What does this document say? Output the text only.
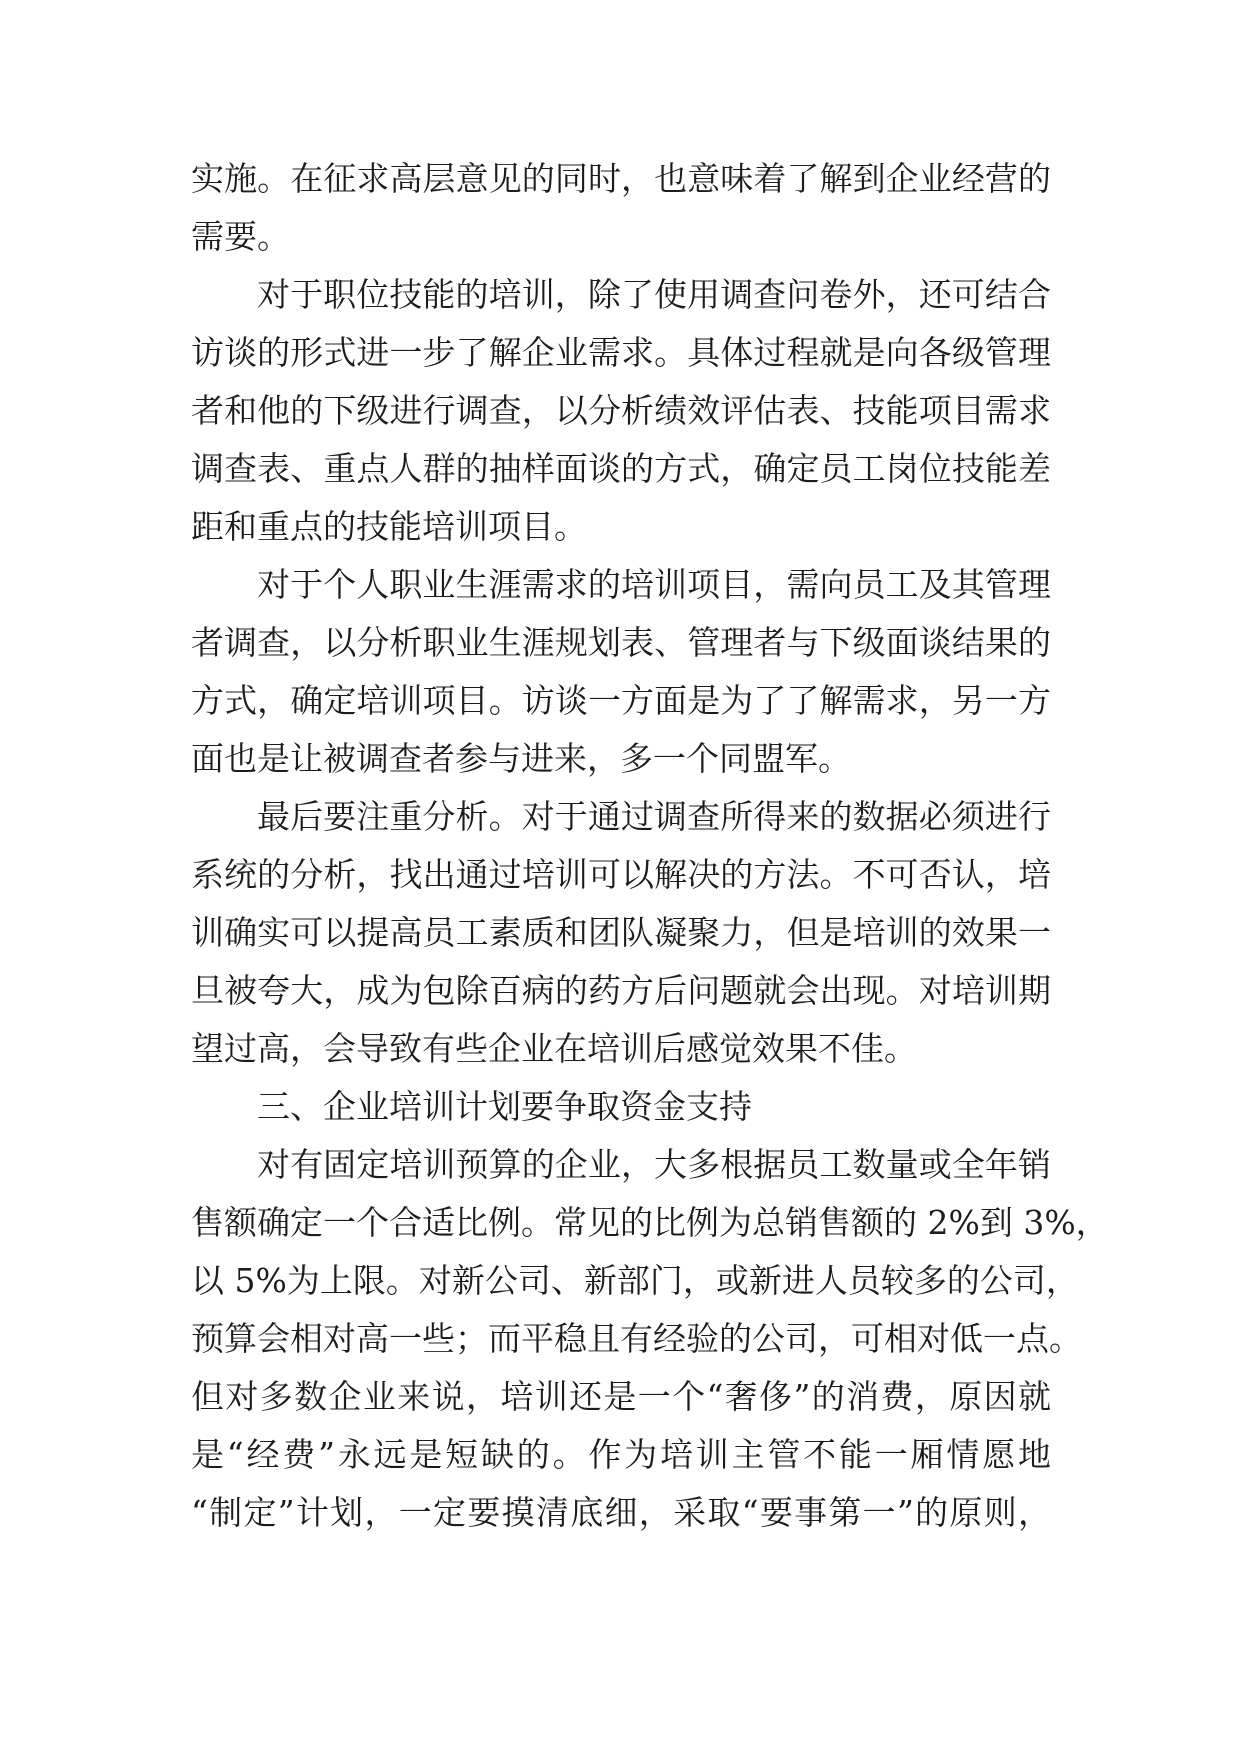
实施。在征求高层意见的同时，也意味着了解到企业经营的
需要。
对于职位技能的培训，除了使用调查问卷外，还可结合
访谈的形式进一步了解企业需求。具体过程就是向各级管理
者和他的下级进行调查，以分析绩效评估表、技能项目需求
调查表、重点人群的抽样面谈的方式，确定员工岗位技能差
距和重点的技能培训项目。
对于个人职业生涯需求的培训项目，需向员工及其管理
者调查，以分析职业生涯规划表、管理者与下级面谈结果的
方式，确定培训项目。访谈一方面是为了了解需求，另一方
面也是让被调查者参与进来，多一个同盟军。
最后要注重分析。对于通过调查所得来的数据必须进行
系统的分析，找出通过培训可以解决的方法。不可否认，培
训确实可以提高员工素质和团队凝聚力，但是培训的效果一
旦被夸大，成为包除百病的药方后问题就会出现。对培训期
望过高，会导致有些企业在培训后感觉效果不佳。
三、企业培训计划要争取资金支持
对有固定培训预算的企业，大多根据员工数量或全年销
售额确定一个合适比例。常见的比例为总销售额的 2%到 3%，
以 5%为上限。对新公司、新部门，或新进人员较多的公司，
预算会相对高一些；而平稳且有经验的公司，可相对低一点。
但对多数企业来说，培训还是一个“奢侈”的消费，原因就
是“经费”永远是短缺的。作为培训主管不能一厢情愿地
“制定”计划，一定要摸清底细，采取“要事第一”的原则，
